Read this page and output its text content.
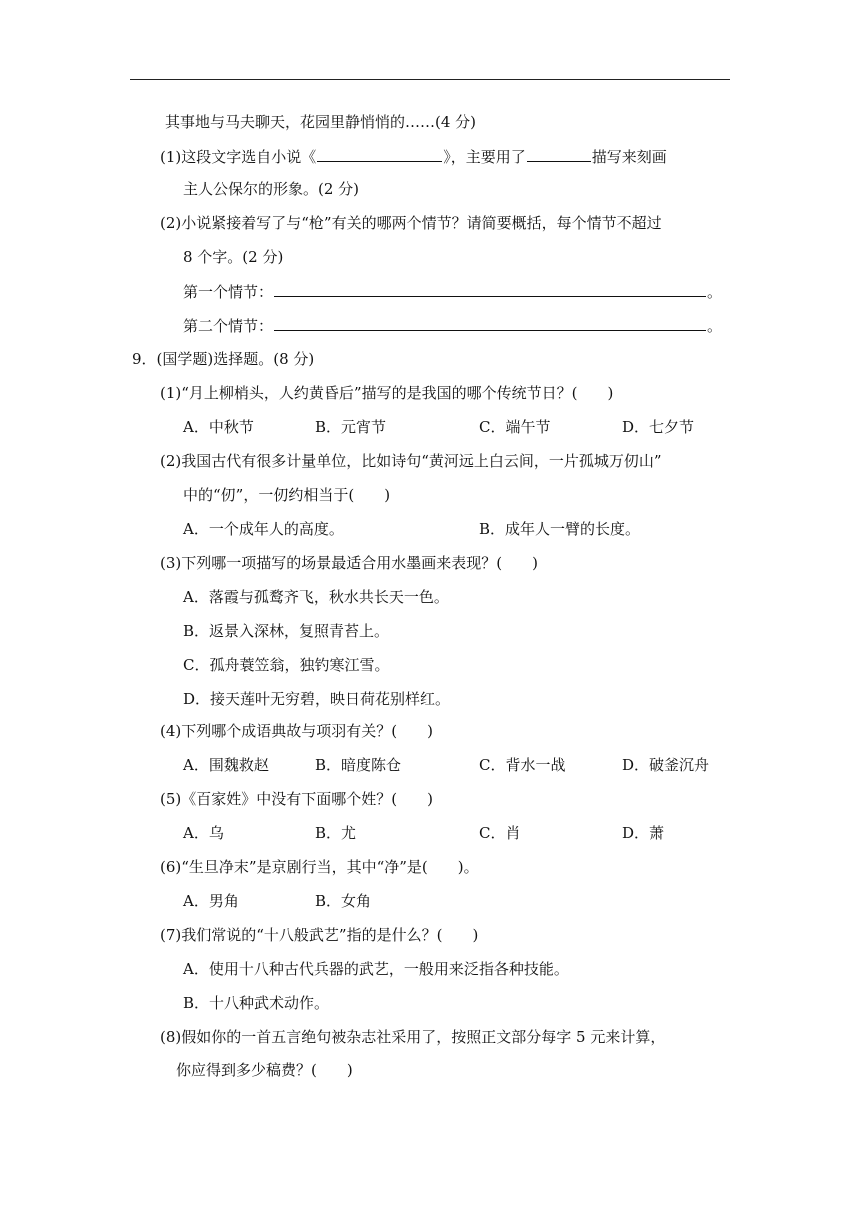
其事地与马夫聊天，花园里静悄悄的……(4 分)
(1)这段文字选自小说《	》，主要用了	描写来刻画
主人公保尔的形象。(2 分)
(2)小说紧接着写了与“枪”有关的哪两个情节？请简要概括，每个情节不超过
8 个字。(2 分)
第一个情节：	。
第二个情节：	。
9．(国学题)选择题。(8 分)
(1)“月上柳梢头，人约黄昏后”描写的是我国的哪个传统节日？(　　)
A．中秋节	B．元宵节	C．端午节	D．七夕节
(2)我国古代有很多计量单位，比如诗句“黄河远上白云间，一片孤城万仞山”
中的“仞”，一仞约相当于(　　)
A．一个成年人的高度。	B．成年人一臂的长度。
(3)下列哪一项描写的场景最适合用水墨画来表现？(　　)
A．落霞与孤鹜齐飞，秋水共长天一色。
B．返景入深林，复照青苔上。
C．孤舟蓑笠翁，独钓寒江雪。
D．接天莲叶无穷碧，映日荷花别样红。
(4)下列哪个成语典故与项羽有关？(　　)
A．围魏救赵	B．暗度陈仓	C．背水一战	D．破釜沉舟
(5)《百家姓》中没有下面哪个姓？(　　)
A．乌	B．尤	C．肖	D．萧
(6)“生旦净末”是京剧行当，其中“净”是(　　)。
A．男角	B．女角
(7)我们常说的“十八般武艺”指的是什么？(　　)
A．使用十八种古代兵器的武艺，一般用来泛指各种技能。
B．十八种武术动作。
(8)假如你的一首五言绝句被杂志社采用了，按照正文部分每字 5 元来计算，
你应得到多少稿费？(　　)
